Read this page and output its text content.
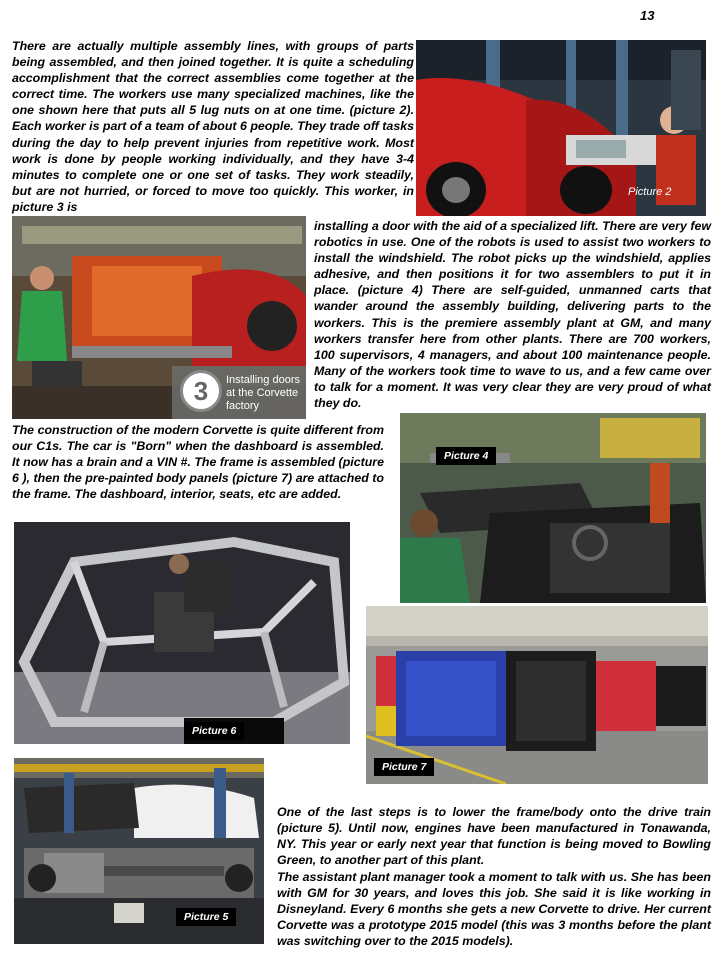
13

There are actually multiple assembly lines, with groups of parts being assembled, and then joined together. It is quite a scheduling accomplishment that the correct assemblies come together at the correct time. The workers use many specialized machines, like the one shown here that puts all 5 lug nuts on at one time. (picture 2). Each worker is part of a team of about 6 people. They trade off tasks during the day to help prevent injuries from repetitive work. Most work is done by people working individually, and they have 3-4 minutes to complete one or one set of tasks. They work steadily, but are not hurried, or forced to move too quickly. This worker, in picture 3 is

Picture 2
3	Installing doors
at the Corvette
factory

installing a door with the aid of a specialized lift. There are very few robotics in use. One of the robots is used to assist two workers to install the windshield. The robot picks up the windshield, applies adhesive, and then positions it for two assemblers to put it in place. (picture 4) There are self-guided, unmanned carts that wander around the assembly building, delivering parts to the workers. This is the premiere assembly plant at GM, and many workers transfer here from other plants. There are 700 workers, 100 supervisors, 4 managers, and about 100 maintenance people. Many of the workers took time to wave to us, and a few came over to talk for a moment. It was very clear they are very proud of what they do.

The construction of the modern Corvette is quite different from our C1s. The car is "Born" when the dashboard is assembled. It now has a brain and a VIN #. The frame is assembled (picture 6 ), then the pre-painted body panels (picture 7) are attached to the frame. The dashboard, interior, seats, etc are added.

Picture 4
Picture 6
Picture 7
Picture 5

One of the last steps is to lower the frame/body onto the drive train (picture 5). Until now, engines have been manufactured in Tonawanda, NY. This year or early next year that function is being moved to Bowling Green, to another part of this plant.

The assistant plant manager took a moment to talk with us. She has been with GM for 30 years, and loves this job. She said it is like working in Disneyland. Every 6 months she gets a new Corvette to drive. Her current Corvette was a prototype 2015 model (this was 3 months before the plant was switching over to the 2015 models).
